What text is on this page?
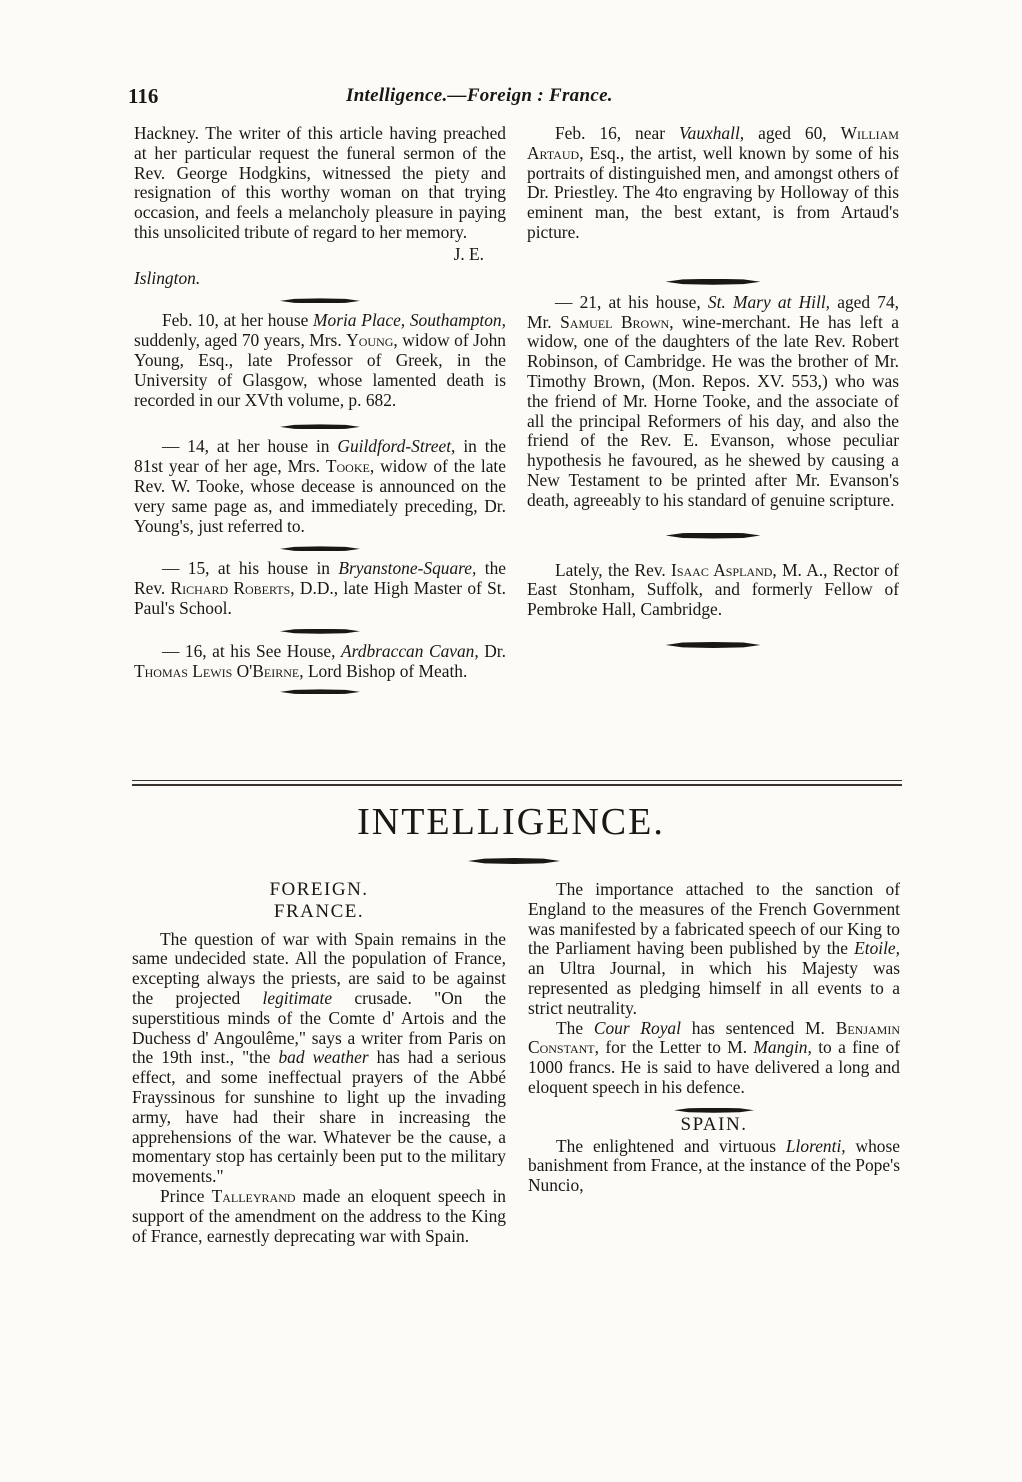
116	Intelligence.—Foreign : France.

Hackney. The writer of this article having preached at her particular request the funeral sermon of the Rev. George Hodgkins, witnessed the piety and resignation of this worthy woman on that trying occasion, and feels a melancholy pleasure in paying this unsolicited tribute of regard to her memory.

J. E.

Islington.

Feb. 10, at her house Moria Place, Southampton, suddenly, aged 70 years, Mrs. Young, widow of John Young, Esq., late Professor of Greek, in the University of Glasgow, whose lamented death is recorded in our XVth volume, p. 682.

— 14, at her house in Guildford-Street, in the 81st year of her age, Mrs. Tooke, widow of the late Rev. W. Tooke, whose decease is announced on the very same page as, and immediately preceding, Dr. Young's, just referred to.

— 15, at his house in Bryanstone-Square, the Rev. Richard Roberts, D.D., late High Master of St. Paul's School.

— 16, at his See House, Ardbraccan Cavan, Dr. Thomas Lewis O'Beirne, Lord Bishop of Meath.

Feb. 16, near Vauxhall, aged 60, William Artaud, Esq., the artist, well known by some of his portraits of distinguished men, and amongst others of Dr. Priestley. The 4to engraving by Holloway of this eminent man, the best extant, is from Artaud's picture.

— 21, at his house, St. Mary at Hill, aged 74, Mr. Samuel Brown, wine-merchant. He has left a widow, one of the daughters of the late Rev. Robert Robinson, of Cambridge. He was the brother of Mr. Timothy Brown, (Mon. Repos. XV. 553,) who was the friend of Mr. Horne Tooke, and the associate of all the principal Reformers of his day, and also the friend of the Rev. E. Evanson, whose peculiar hypothesis he favoured, as he shewed by causing a New Testament to be printed after Mr. Evanson's death, agreeably to his standard of genuine scripture.

Lately, the Rev. Isaac Aspland, M. A., Rector of East Stonham, Suffolk, and formerly Fellow of Pembroke Hall, Cambridge.

INTELLIGENCE.

FOREIGN.

FRANCE.

The question of war with Spain remains in the same undecided state. All the population of France, excepting always the priests, are said to be against the projected legitimate crusade. "On the superstitious minds of the Comte d' Artois and the Duchess d' Angoulême," says a writer from Paris on the 19th inst., "the bad weather has had a serious effect, and some ineffectual prayers of the Abbé Frayssinous for sunshine to light up the invading army, have had their share in increasing the apprehensions of the war. Whatever be the cause, a momentary stop has certainly been put to the military movements."

Prince Talleyrand made an eloquent speech in support of the amendment on the address to the King of France, earnestly deprecating war with Spain.

The importance attached to the sanction of England to the measures of the French Government was manifested by a fabricated speech of our King to the Parliament having been published by the Etoile, an Ultra Journal, in which his Majesty was represented as pledging himself in all events to a strict neutrality.

The Cour Royal has sentenced M. Benjamin Constant, for the Letter to M. Mangin, to a fine of 1000 francs. He is said to have delivered a long and eloquent speech in his defence.

SPAIN.

The enlightened and virtuous Llorenti, whose banishment from France, at the instance of the Pope's Nuncio,
